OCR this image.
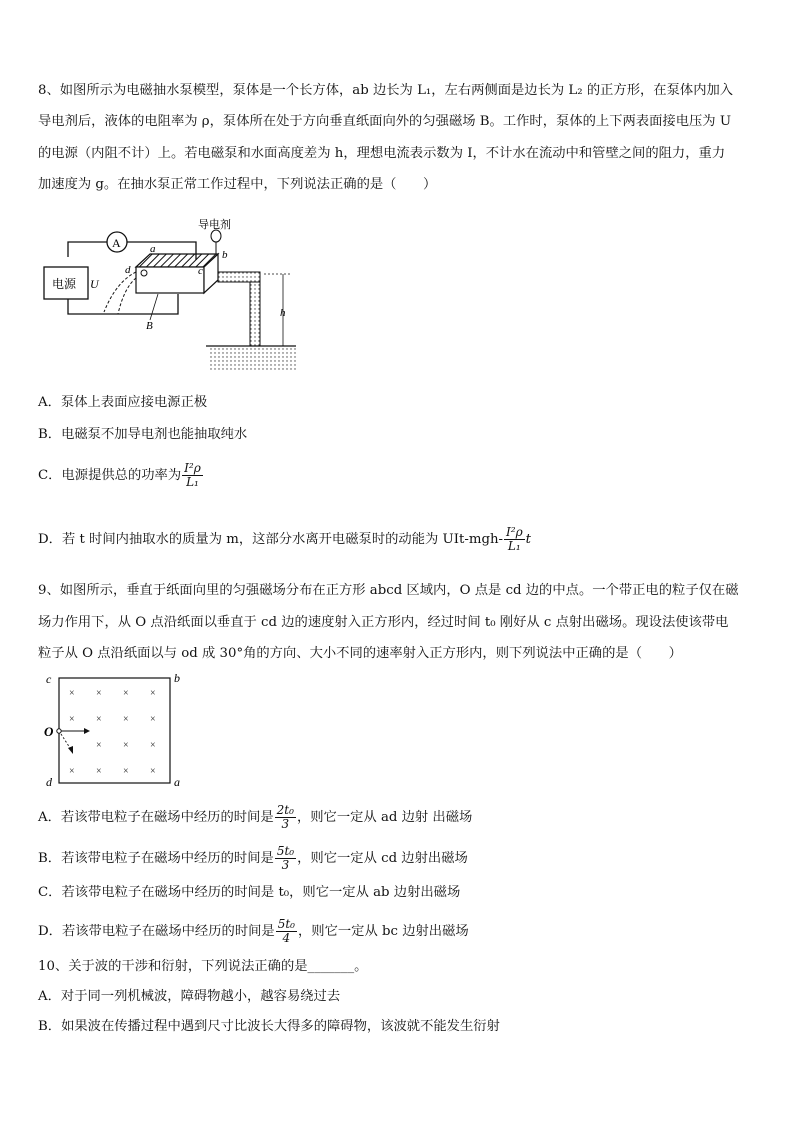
8、如图所示为电磁抽水泵模型，泵体是一个长方体，ab 边长为 L₁，左右两侧面是边长为 L₂ 的正方形，在泵体内加入
导电剂后，液体的电阻率为 ρ，泵体所在处于方向垂直纸面向外的匀强磁场 B。工作时，泵体的上下两表面接电压为 U
的电源（内阻不计）上。若电磁泵和水面高度差为 h，理想电流表示数为 I，不计水在流动中和管壁之间的阻力，重力
加速度为 g。在抽水泵正常工作过程中，下列说法正确的是（　　）
电源 U
A	a
d	c
B
导电剂
b
h
A．泵体上表面应接电源正极
B．电磁泵不加导电剂也能抽取纯水
C．电源提供总的功率为 $\frac{\text{I²ρ}}{\text{L₁}}$
D．若 t 时间内抽取水的质量为 m，这部分水离开电磁泵时的动能为 $UIt-mgh- \frac{\text{I²ρ}}{\text{L₁}}$ t
9、如图所示，垂直于纸面向里的匀强磁场分布在正方形 abcd 区域内，O 点是 cd 边的中点。一个带正电的粒子仅在磁
场力作用下，从 O 点沿纸面以垂直于 cd 边的速度射入正方形内，经过时间 t₀ 刚好从 c 点射出磁场。现设法使该带电
粒子从 O 点沿纸面以与 od 成 30°角的方向、大小不同的速率射入正方形内，则下列说法中正确的是（　　）
c	b
O
d	a
× × × ×
× × × ×
× × ×
× × × ×
A．若该带电粒子在磁场中经历的时间是 $\frac{\text{2t₀}}{3}$ ，则它一定从 ad 边射 出磁场
B．若该带电粒子在磁场中经历的时间是 $\frac{\text{5t₀}}{3}$ ，则它一定从 cd 边射出磁场
C．若该带电粒子在磁场中经历的时间是 t₀，则它一定从 ab 边射出磁场
D．若该带电粒子在磁场中经历的时间是 $\frac{\text{5t₀}}{4}$ ，则它一定从 bc 边射出磁场
10、关于波的干涉和衍射，下列说法正确的是_______。
A．对于同一列机械波，障碍物越小，越容易绕过去
B．如果波在传播过程中遇到尺寸比波长大得多的障碍物，该波就不能发生衍射
